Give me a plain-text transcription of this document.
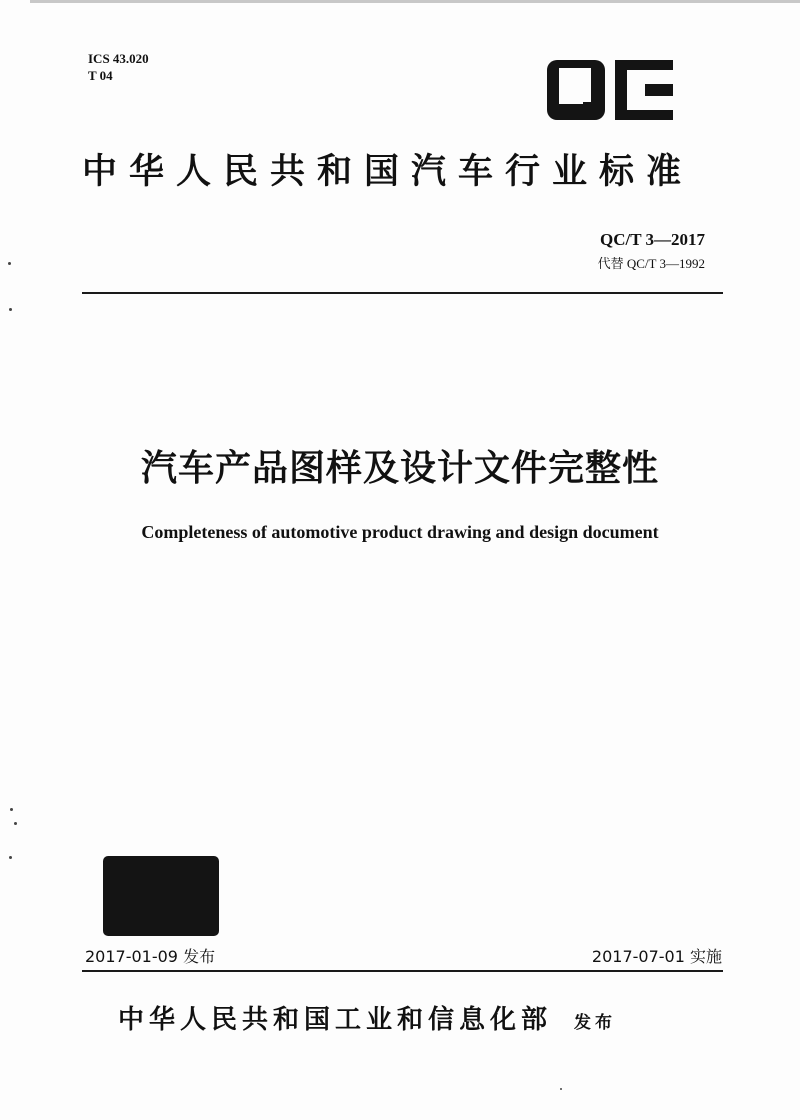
ICS 43.020
T 04
中华人民共和国汽车行业标准
QC/T 3—2017
代替 QC/T 3—1992
汽车产品图样及设计文件完整性
Completeness of automotive product drawing and design document
2017-01-09 发布	2017-07-01 实施
中华人民共和国工业和信息化部 发布
